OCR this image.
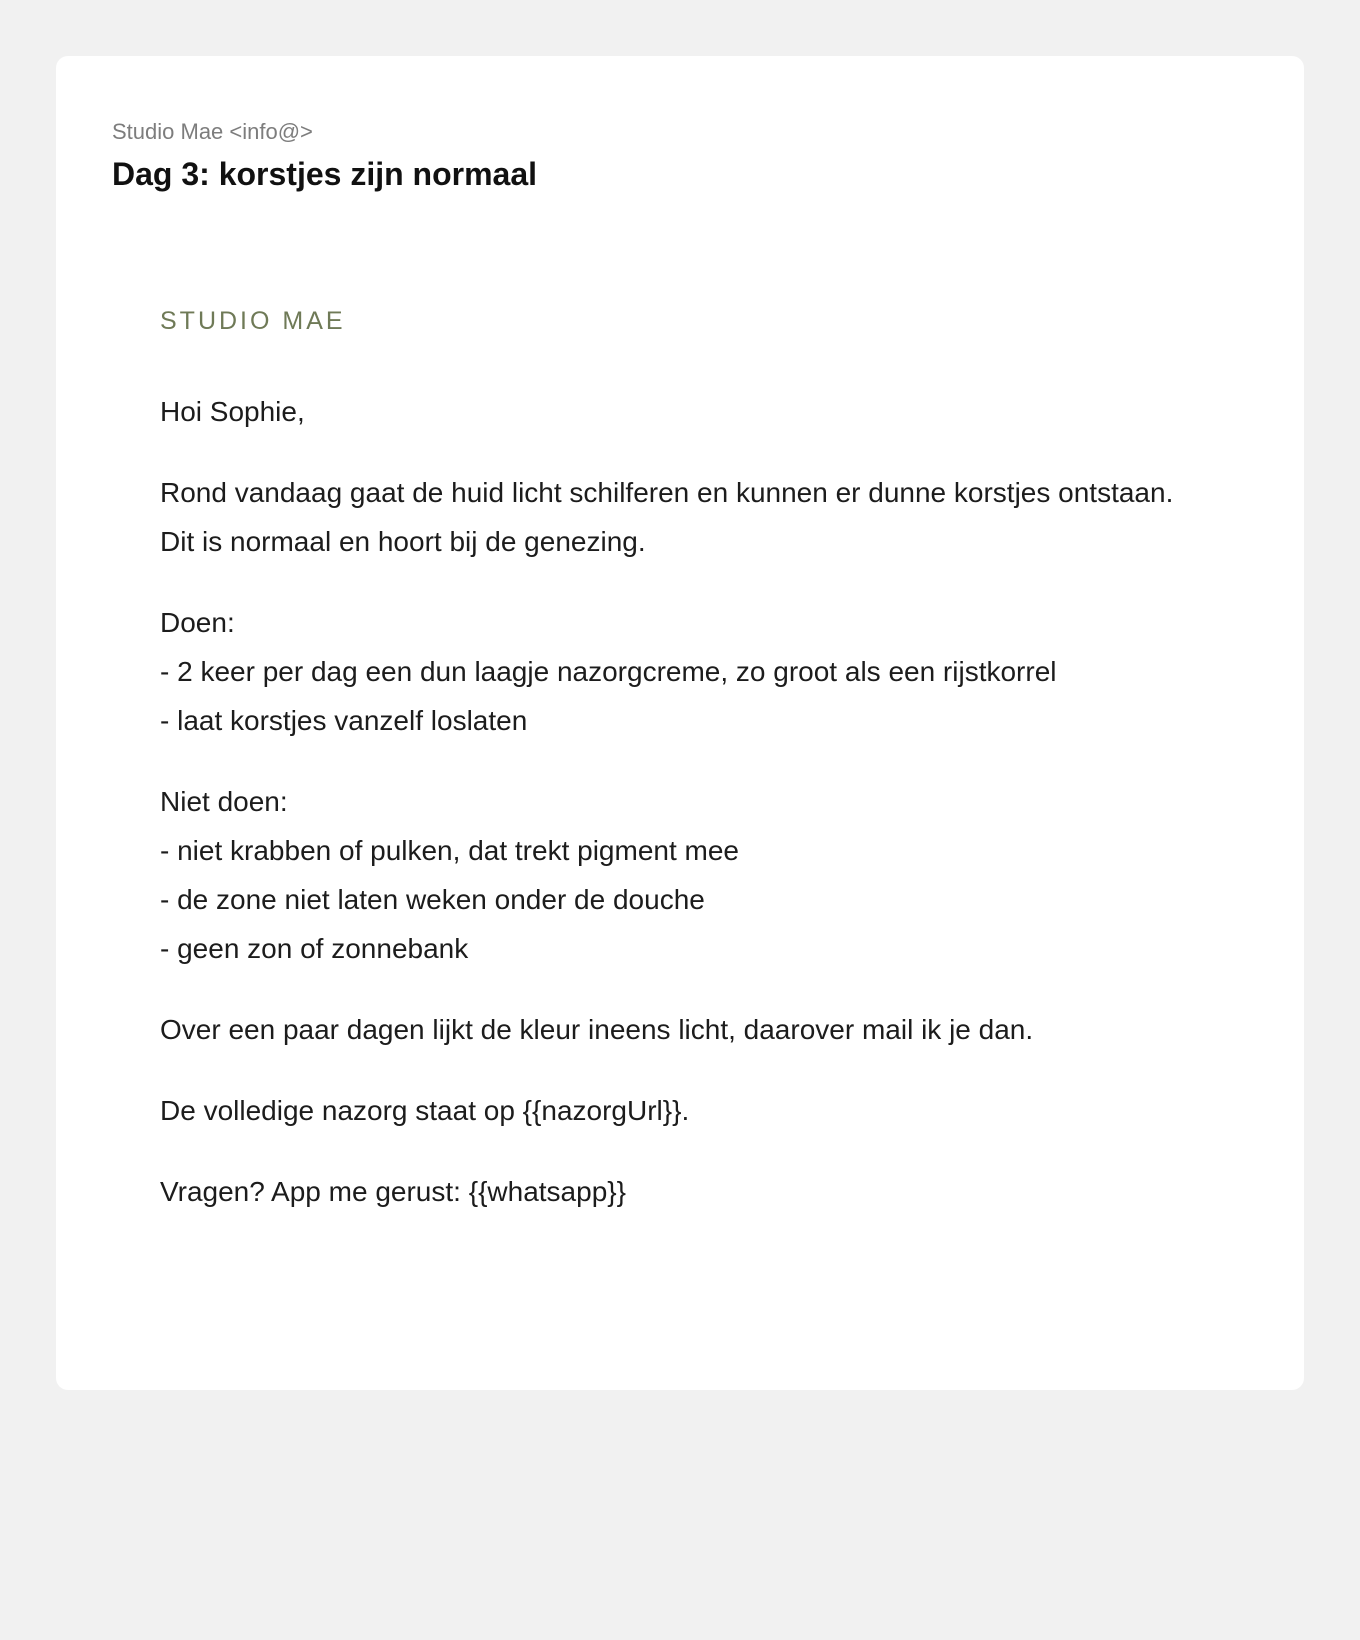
Studio Mae <info@>

Dag 3: korstjes zijn normaal

STUDIO MAE

Hoi Sophie,

Rond vandaag gaat de huid licht schilferen en kunnen er dunne korstjes ontstaan. Dit is normaal en hoort bij de genezing.

Doen:
- 2 keer per dag een dun laagje nazorgcreme, zo groot als een rijstkorrel
- laat korstjes vanzelf loslaten
Niet doen:
- niet krabben of pulken, dat trekt pigment mee
- de zone niet laten weken onder de douche
- geen zon of zonnebank

Over een paar dagen lijkt de kleur ineens licht, daarover mail ik je dan.

De volledige nazorg staat op {{nazorgUrl}}.

Vragen? App me gerust: {{whatsapp}}
